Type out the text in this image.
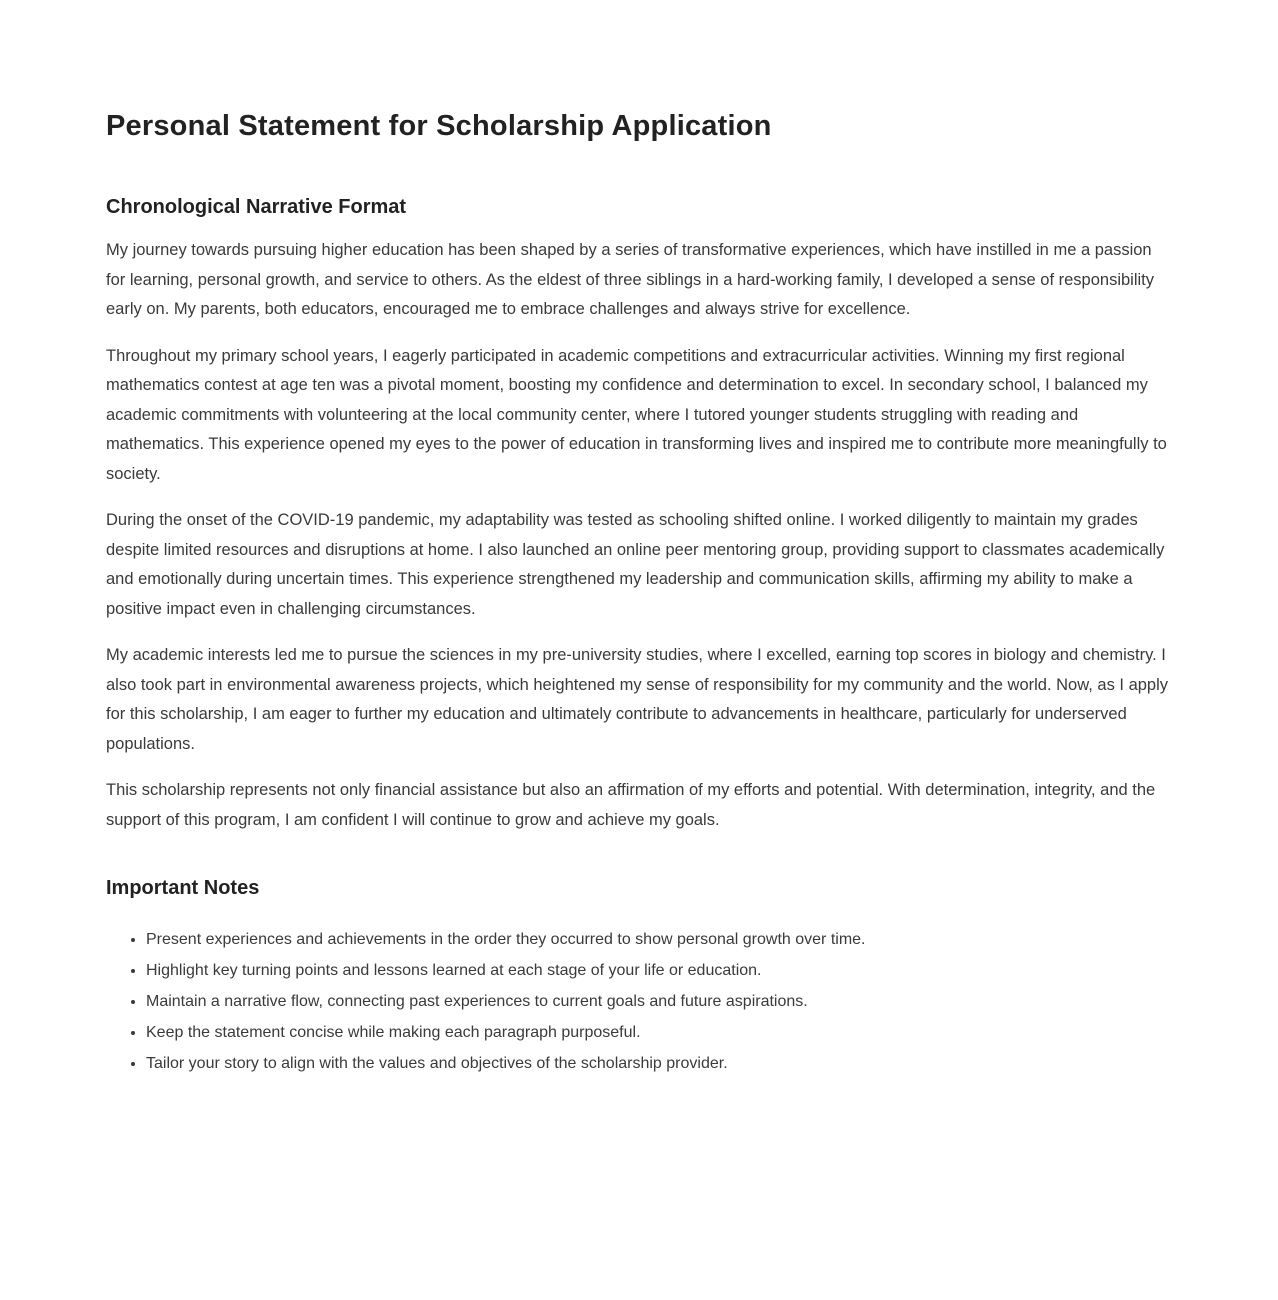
Personal Statement for Scholarship Application
Chronological Narrative Format

My journey towards pursuing higher education has been shaped by a series of transformative experiences, which have instilled in me a passion for learning, personal growth, and service to others. As the eldest of three siblings in a hard-working family, I developed a sense of responsibility early on. My parents, both educators, encouraged me to embrace challenges and always strive for excellence.

Throughout my primary school years, I eagerly participated in academic competitions and extracurricular activities. Winning my first regional mathematics contest at age ten was a pivotal moment, boosting my confidence and determination to excel. In secondary school, I balanced my academic commitments with volunteering at the local community center, where I tutored younger students struggling with reading and mathematics. This experience opened my eyes to the power of education in transforming lives and inspired me to contribute more meaningfully to society.

During the onset of the COVID-19 pandemic, my adaptability was tested as schooling shifted online. I worked diligently to maintain my grades despite limited resources and disruptions at home. I also launched an online peer mentoring group, providing support to classmates academically and emotionally during uncertain times. This experience strengthened my leadership and communication skills, affirming my ability to make a positive impact even in challenging circumstances.

My academic interests led me to pursue the sciences in my pre-university studies, where I excelled, earning top scores in biology and chemistry. I also took part in environmental awareness projects, which heightened my sense of responsibility for my community and the world. Now, as I apply for this scholarship, I am eager to further my education and ultimately contribute to advancements in healthcare, particularly for underserved populations.

This scholarship represents not only financial assistance but also an affirmation of my efforts and potential. With determination, integrity, and the support of this program, I am confident I will continue to grow and achieve my goals.

Important Notes
• Present experiences and achievements in the order they occurred to show personal growth over time.
• Highlight key turning points and lessons learned at each stage of your life or education.
• Maintain a narrative flow, connecting past experiences to current goals and future aspirations.
• Keep the statement concise while making each paragraph purposeful.
• Tailor your story to align with the values and objectives of the scholarship provider.
